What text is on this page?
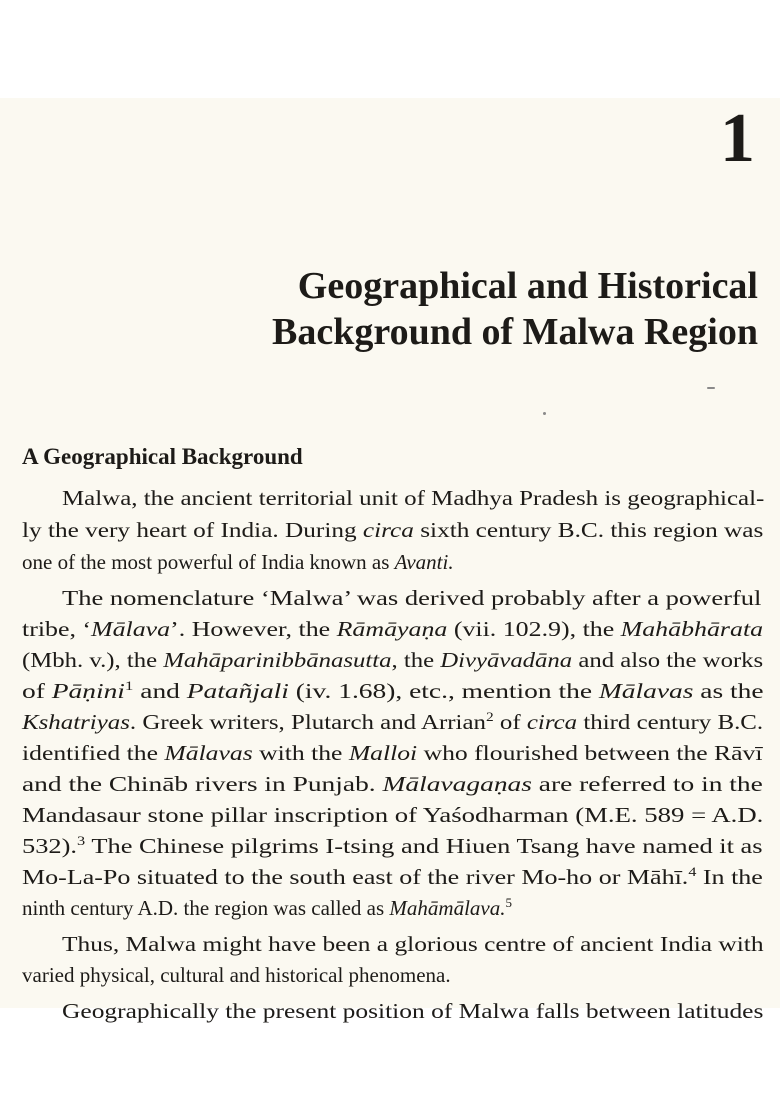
1
Geographical and Historical
Background of Malwa Region
A Geographical Background
Malwa, the ancient territorial unit of Madhya Pradesh is geographical-
ly the very heart of India. During circa sixth century B.C. this region was
one of the most powerful of India known as Avanti.
The nomenclature ‘Malwa’ was derived probably after a powerful
tribe, ‘Mālava’. However, the Rāmāyaṇa (vii. 102.9), the Mahābhārata
(Mbh. v.), the Mahāparinibbānasutta, the Divyāvadāna and also the works
of Pāṇini$^1$ and Patañjali (iv. 1.68), etc., mention the Mālavas as the
Kshatriyas. Greek writers, Plutarch and Arrian$^2$ of circa third century B.C.
identified the Mālavas with the Malloi who flourished between the Rāvī
and the Chināb rivers in Punjab. Mālavagaṇas are referred to in the
Mandasaur stone pillar inscription of Yaśodharman (M.E. 589 = A.D.
532).$^3$ The Chinese pilgrims I-tsing and Hiuen Tsang have named it as
Mo-La-Po situated to the south east of the river Mo-ho or Māhī.$^4$ In the
ninth century A.D. the region was called as Mahāmālava.$^5$
Thus, Malwa might have been a glorious centre of ancient India with
varied physical, cultural and historical phenomena.
Geographically the present position of Malwa falls between latitudes
